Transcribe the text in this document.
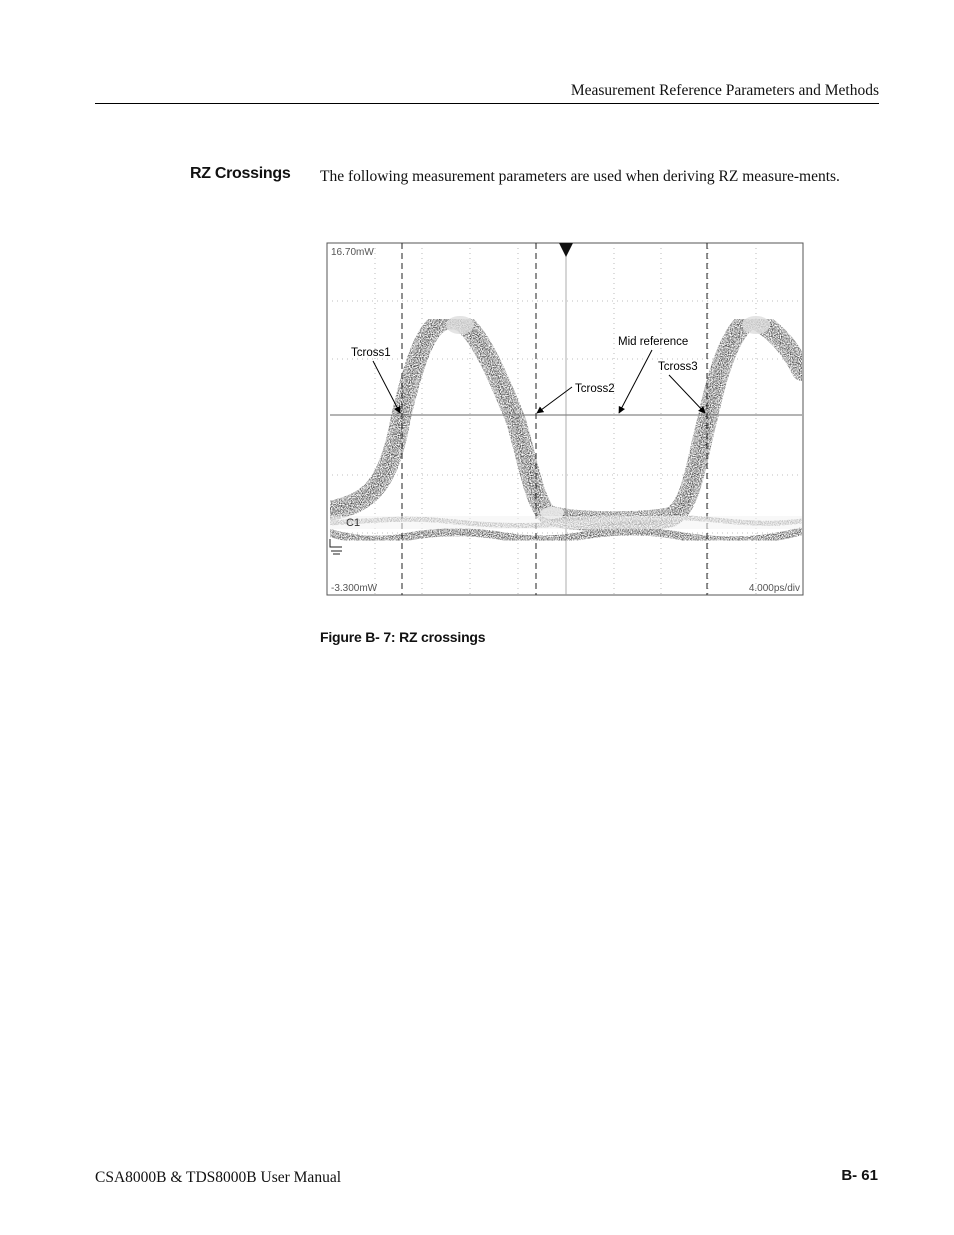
Measurement Reference Parameters and Methods
RZ Crossings The following measurement parameters are used when deriving RZ measure-ments.
C1
16.70mW
-3.300mW	4.000ps/div
Tcross1
Tcross2
Mid reference
Tcross3
Figure B- 7: RZ crossings
CSA8000B & TDS8000B User Manual	B- 61
